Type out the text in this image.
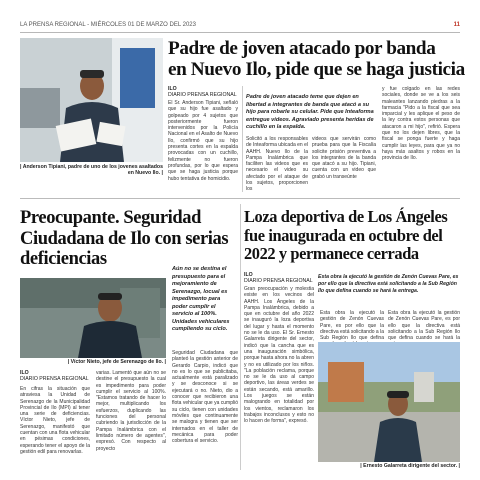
LA PRENSA REGIONAL - MIÉRCOLES 01 DE MARZO DEL 2023	11
| Anderson Tipiani, padre de uno de los jovenes asaltados en Nuevo Ilo. |
Padre de joven atacado por banda
en Nuevo Ilo, pide que se haga justicia
ILO
DIARIO PRENSA REGIONAL
El Sr. Anderson Tipiani, señaló que su hijo fue asaltado y golpeado por 4 sujetos que posteriormente fueron intervenidos por la Policía Nacional en el Asalto de Nuevo Ilo, confirmó que su hijo presenta cortes en la espalda provocadas con un cuchillo, felizmente no fueron profundas, por lo que espera que se haga justicia porque hubo tentativa de homicidio.
Padre de joven atacado teme que dejen en libertad a integrantes de banda que atacó a su hijo para robarle su celular. Pide que Inteaforma entregue videos. Agraviado presenta heridas de cuchillo en la espalda.
Solicitó a los responsables de Inteaforma ubicada en el AAHH. Nuevo Ilo de la Pampa Inalámbrica que faciliten las videos que es necesario el video su afectado por el ataque de los sujetos, proporcionen los
videos que servirán como prueba para que la Fiscalía solicite prisión preventiva a los integrantes de la banda que atacó a su hijo. Tipiani, cuenta con un video que grabó un transeúnte
y fue colgado en las redes sociales, donde se ve a los seis maleantes lanzando piedras a la farmacia "Pido a la fiscal que sea imparcial y les aplique el peso de la ley contra estos personas que atacaron a mi hijo", refirió. Espera que no los dejen libres, que la fiscal se ponga fuerte y haga cumplir las leyes, para que ya no haya más asaltos y robos en la provincia de Ilo.
Preocupante. Seguridad Ciudadana de Ilo con serias deficiencias	Aún no se destina el presupuesto para el mejoramiento de Serenazgo, locual es impedimento para poder cumplir el servicio al 100%. Unidades vehiculares cumpliendo su ciclo.
| Víctor Nieto, jefe de Serenazgo de Ilo. |
ILO
DIARIO PRENSA REGIONAL
En cifras la situación que atraviesa la Unidad de Serenazgo de la Municipalidad Provincial de Ilo (MPI) al tener una serie de deficiencias. Víctor Nieto, jefe de Serenazgo, manifestó que cuentan con una flota vehicular en pésimas condiciones, esperando tener el apoyo de la gestión edil para renovarlas.
varias. Lamentó que aún no se destine el presupuesto la cual es impedimento para poder cumplir el servicio al 100%. "Estamos tratando de hacer lo mejor, multiplicando los esfuerzos, duplicando las funciones del personal cubriendo la jurisdicción de la Pampa Inalámbrica con el limitado número de agentes", expresó. Con respecto al proyecto
Seguridad Ciudadana que planteó la gestión anterior de Gerardo Carpio, indicó que no es lo que se publicitaba, actualmente está paralizado y se desconoce si se ejecutará o no. Nieto, dio a conocer que recibieron una flota vehicular que ya cumplió su ciclo, tienen con unidades móviles que continuamente se malogra y tienen que ser internados en el taller de mecánica para poder cobertura el servicio.
Loza deportiva de Los Ángeles fue inaugurada en octubre del 2022 y permanece cerrada
ILO
DIARIO PRENSA REGIONAL
Esta obra la ejecutó la gestión de Zenón Cuevas Pare, es por ello que la directiva está solicitando a la Sub Región Ilo que defina cuando se hará la entrega.
Gran preocupación y molestia existe en los vecinos del AAHH. Los Ángeles de la Pampa Inalámbrica, debido a que en octubre del año 2022 se inauguró la loza deportiva del lugar y hasta el momento no se le da uso. El Sr. Ernesto Galarreta dirigente del sector, indicó que la cancha que es una inauguración simbólica, porque hasta ahora no la abren y no es utilizado por los niños. "La población reclama, porque no se le da uso al campo deportivo, las áreas verdes se están secando, está amarillo. Los juegos se están malogrando en totalidad por los vientos, reclamaron los trabajos inconclusos y esto no lo hacen de forma", expresó.
Esta obra la ejecutó la gestión de Zenón Cuevas Pare, es por ello que la directiva está solicitando a la Sub Región Ilo que defina
Esta obra la ejecutó la gestión de Zenón Cuevas Pare, es por ello que la directiva está solicitando a la Sub Región Ilo que defina cuando se hará la
| Ernesto Galarreta dirigente del sector. |
